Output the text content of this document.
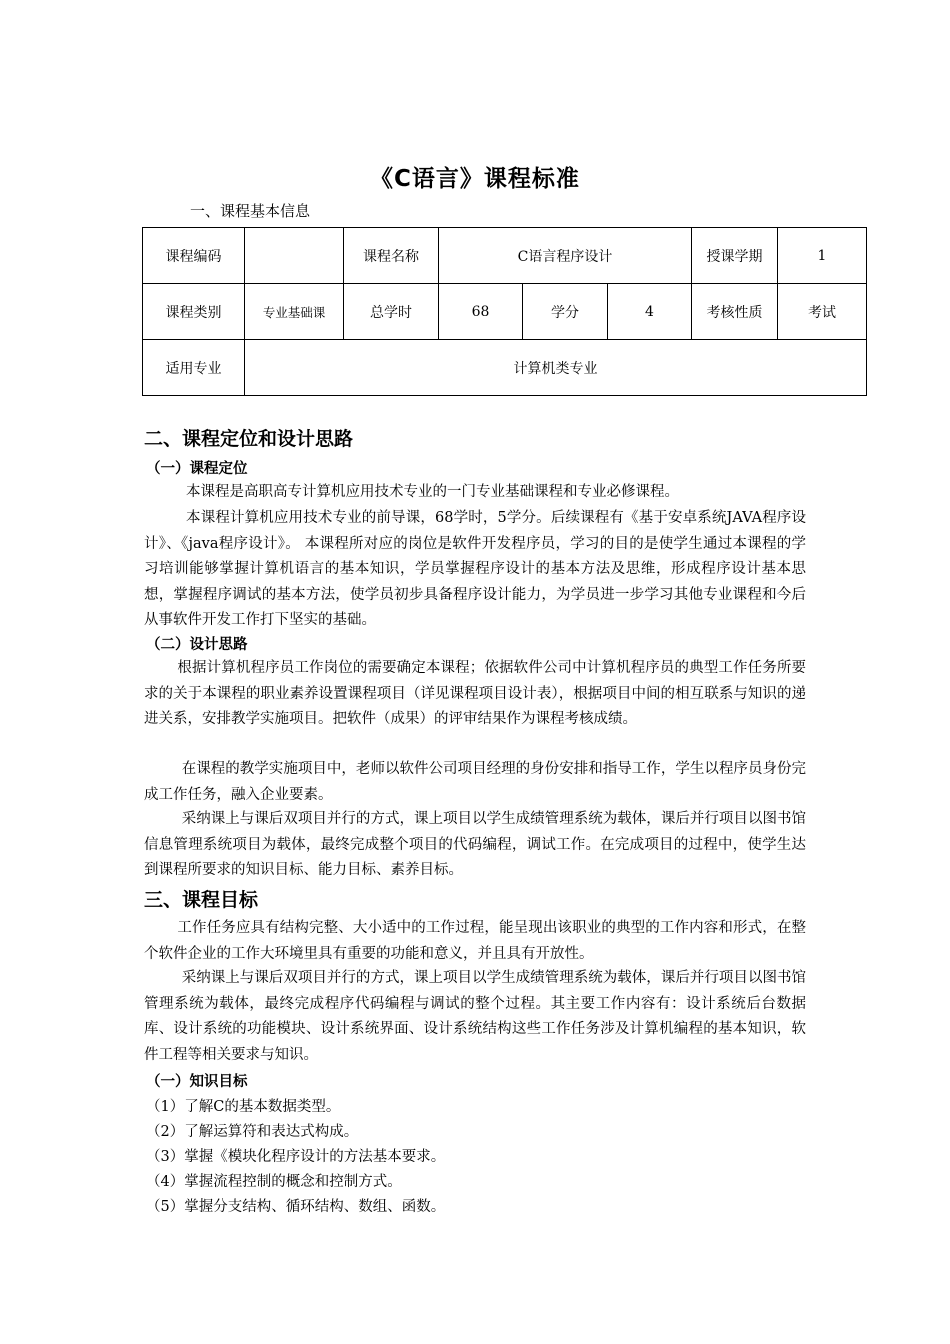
《C语言》课程标准
一、课程基本信息
课程编码		课程名称	C语言程序设计			授课学期	1
课程类别	专业基础课	总学时	68	学分	4	考核性质	考试
适用专业	计算机类专业						
二、课程定位和设计思路
（一）课程定位
本课程是高职高专计算机应用技术专业的一门专业基础课程和专业必修课程。
本课程计算机应用技术专业的前导课，68学时，5学分。后续课程有《基于安卓系统JAVA程序设计》、《java程序设计》。 本课程所对应的岗位是软件开发程序员，学习的目的是使学生通过本课程的学习培训能够掌握计算机语言的基本知识，学员掌握程序设计的基本方法及思维，形成程序设计基本思想，掌握程序调试的基本方法，使学员初步具备程序设计能力，为学员进一步学习其他专业课程和今后从事软件开发工作打下坚实的基础。
（二）设计思路
根据计算机程序员工作岗位的需要确定本课程；依据软件公司中计算机程序员的典型工作任务所要求的关于本课程的职业素养设置课程项目（详见课程项目设计表），根据项目中间的相互联系与知识的递进关系，安排教学实施项目。把软件（成果）的评审结果作为课程考核成绩。
在课程的教学实施项目中，老师以软件公司项目经理的身份安排和指导工作，学生以程序员身份完成工作任务，融入企业要素。
采纳课上与课后双项目并行的方式，课上项目以学生成绩管理系统为载体，课后并行项目以图书馆信息管理系统项目为载体，最终完成整个项目的代码编程，调试工作。在完成项目的过程中，使学生达到课程所要求的知识目标、能力目标、素养目标。
三、课程目标
工作任务应具有结构完整、大小适中的工作过程，能呈现出该职业的典型的工作内容和形式，在整个软件企业的工作大环境里具有重要的功能和意义，并且具有开放性。
采纳课上与课后双项目并行的方式，课上项目以学生成绩管理系统为载体，课后并行项目以图书馆管理系统为载体，最终完成程序代码编程与调试的整个过程。其主要工作内容有：设计系统后台数据库、设计系统的功能模块、设计系统界面、设计系统结构这些工作任务涉及计算机编程的基本知识，软件工程等相关要求与知识。
（一）知识目标
（1）了解C的基本数据类型。
（2）了解运算符和表达式构成。
（3）掌握《模块化程序设计的方法基本要求。
（4）掌握流程控制的概念和控制方式。
（5）掌握分支结构、循环结构、数组、函数。
